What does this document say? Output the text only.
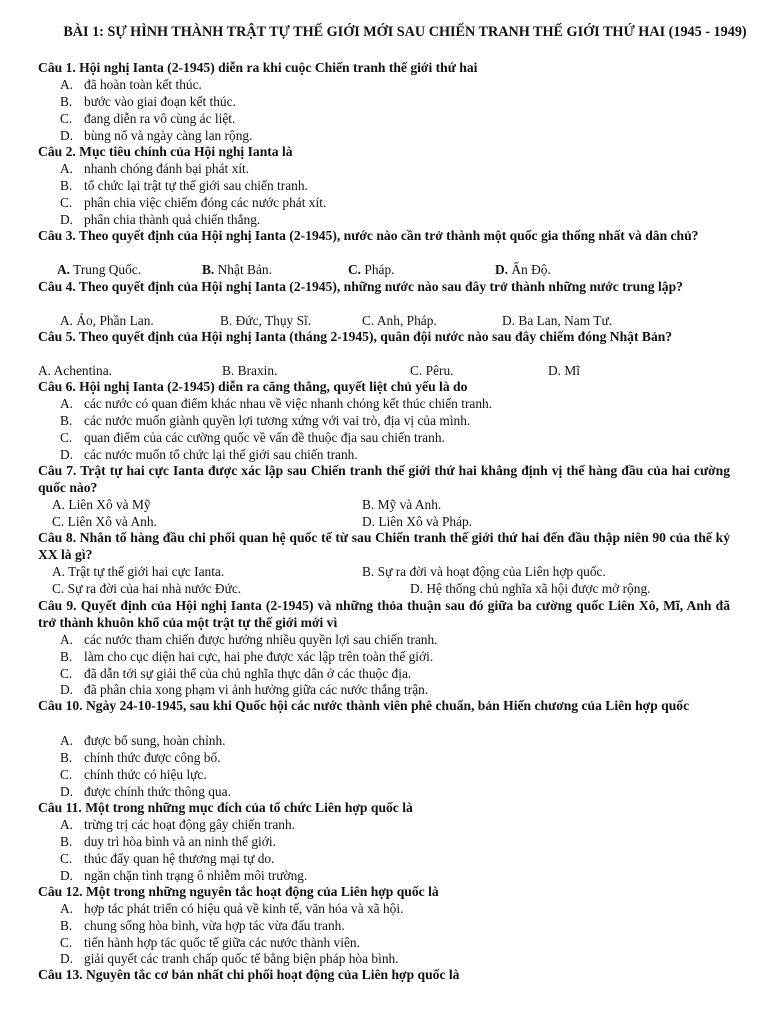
BÀI 1: SỰ HÌNH THÀNH TRẬT TỰ THẾ GIỚI MỚI SAU CHIẾN TRANH THẾ GIỚI THỨ HAI (1945 - 1949)
Câu 1. Hội nghị Ianta (2-1945) diễn ra khi cuộc Chiến tranh thế giới thứ hai
A. đã hoàn toàn kết thúc.
B. bước vào giai đoạn kết thúc.
C. đang diễn ra vô cùng ác liệt.
D. bùng nổ và ngày càng lan rộng.
Câu 2. Mục tiêu chính của Hội nghị Ianta là
A. nhanh chóng đánh bại phát xít.
B. tổ chức lại trật tự thế giới sau chiến tranh.
C. phân chia việc chiếm đóng các nước phát xít.
D. phân chia thành quả chiến thắng.
Câu 3. Theo quyết định của Hội nghị Ianta (2-1945), nước nào cần trở thành một quốc gia thống nhất và dân chủ?
A. Trung Quốc.	B. Nhật Bản.	C. Pháp.	D. Ấn Độ.
Câu 4. Theo quyết định của Hội nghị Ianta (2-1945), những nước nào sau đây trở thành những nước trung lập?
A. Áo, Phần Lan.	B. Đức, Thụy Sĩ.	C. Anh, Pháp.	D. Ba Lan, Nam Tư.
Câu 5. Theo quyết định của Hội nghị Ianta (tháng 2-1945), quân đội nước nào sau đây chiếm đóng Nhật Bản?
A. Achentina.	B. Braxin.	C. Pêru.	D. Mĩ
Câu 6. Hội nghị Ianta (2-1945) diễn ra căng thẳng, quyết liệt chủ yếu là do
A. các nước có quan điểm khác nhau về việc nhanh chóng kết thúc chiến tranh.
B. các nước muốn giành quyền lợi tương xứng với vai trò, địa vị của mình.
C. quan điểm của các cường quốc về vấn đề thuộc địa sau chiến tranh.
D. các nước muốn tổ chức lại thế giới sau chiến tranh.
Câu 7. Trật tự hai cực Ianta được xác lập sau Chiến tranh thế giới thứ hai khẳng định vị thế hàng đầu của hai cường quốc nào?
A. Liên Xô và Mỹ	B. Mỹ và Anh.
C. Liên Xô và Anh.	D. Liên Xô và Pháp.
Câu 8. Nhân tố hàng đầu chi phối quan hệ quốc tế từ sau Chiến tranh thế giới thứ hai đến đầu thập niên 90 của thế kỷ XX là gì?
A. Trật tự thế giới hai cực Ianta.	B. Sự ra đời và hoạt động của Liên hợp quốc.
C. Sự ra đời của hai nhà nước Đức.	D. Hệ thống chủ nghĩa xã hội được mở rộng.
Câu 9. Quyết định của Hội nghị Ianta (2-1945) và những thỏa thuận sau đó giữa ba cường quốc Liên Xô, Mĩ, Anh đã trở thành khuôn khổ của một trật tự thế giới mới vì
A. các nước tham chiến được hưởng nhiều quyền lợi sau chiến tranh.
B. làm cho cục diện hai cực, hai phe được xác lập trên toàn thế giới.
C. đã dẫn tới sự giải thể của chủ nghĩa thực dân ở các thuộc địa.
D. đã phân chia xong phạm vi ảnh hưởng giữa các nước thắng trận.
Câu 10. Ngày 24-10-1945, sau khi Quốc hội các nước thành viên phê chuẩn, bản Hiến chương của Liên hợp quốc
A. được bổ sung, hoàn chỉnh.
B. chính thức được công bố.
C. chính thức có hiệu lực.
D. được chính thức thông qua.
Câu 11. Một trong những mục đích của tổ chức Liên hợp quốc là
A. trừng trị các hoạt động gây chiến tranh.
B. duy trì hòa bình và an ninh thế giới.
C. thúc đẩy quan hệ thương mại tự do.
D. ngăn chặn tình trạng ô nhiễm môi trường.
Câu 12. Một trong những nguyên tắc hoạt động của Liên hợp quốc là
A. hợp tác phát triển có hiệu quả về kinh tế, văn hóa và xã hội.
B. chung sống hòa bình, vừa hợp tác vừa đấu tranh.
C. tiến hành hợp tác quốc tế giữa các nước thành viên.
D. giải quyết các tranh chấp quốc tế bằng biện pháp hòa bình.
Câu 13. Nguyên tắc cơ bản nhất chi phối hoạt động của Liên hợp quốc là
